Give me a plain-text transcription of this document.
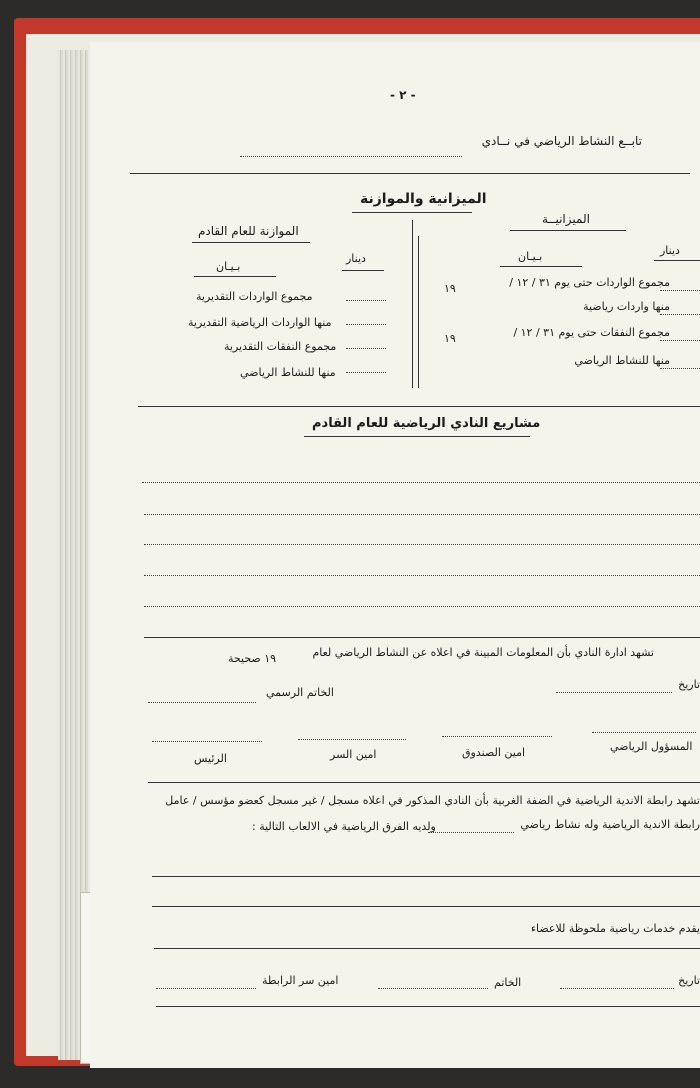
- ٢ -
تابــع النشاط الرياضي في نــادي
الميزانية والموازنة
الميزانيــة
دينار
بـيـان
مجموع الواردات حتى يوم ٣١ / ١٢ /
١٩
منها واردات رياضية
مجموع النفقات حتى يوم ٣١ / ١٢ /
١٩
منها للنشاط الرياضي
الموازنة للعام القادم
دينار
بـيـان
مجموع الواردات التقديرية
منها الواردات الرياضية التقديرية
مجموع النفقات التقديرية
منها للنشاط الرياضي
مشاريع النادي الرياضية للعام القادم
تشهد ادارة النادي بأن المعلومات المبينة في اعلاه عن النشاط الرياضي لعام
١٩ صحيحة
تاريخ
الخاتم الرسمي
المسؤول الرياضي
امين الصندوق
امين السر
الرئيس
تشهد رابطة الاندية الرياضية في الضفة الغربية بأن النادي المذكور في اعلاه مسجل / غير مسجل كعضو مؤسس / عامل
رابطة الاندية الرياضية وله نشاط رياضي
ولديه الفرق الرياضية في الالعاب التالية :
يقدم خدمات رياضية ملحوظة للاعضاء
تاريخ
الخاتم
امين سر الرابطة
